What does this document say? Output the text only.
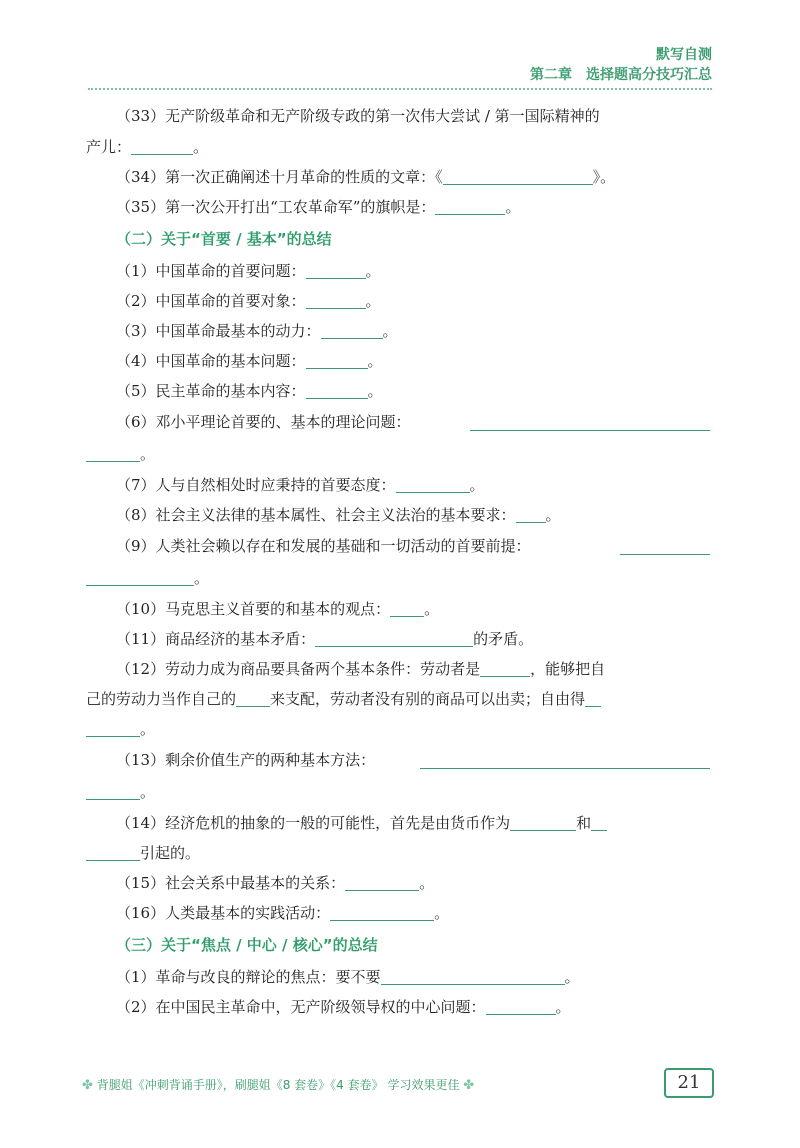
默写自测
第二章　选择题高分技巧汇总
（33）无产阶级革命和无产阶级专政的第一次伟大尝试 / 第一国际精神的
产儿：	。
（34）第一次正确阐述十月革命的性质的文章：《	》。
（35）第一次公开打出“工农革命军”的旗帜是：	。
（二）关于“首要 / 基本”的总结
（1）中国革命的首要问题：	。
（2）中国革命的首要对象：	。
（3）中国革命最基本的动力：	。
（4）中国革命的基本问题：	。
（5）民主革命的基本内容：	。
（6）邓小平理论首要的、基本的理论问题：
。
（7）人与自然相处时应秉持的首要态度：	。
（8）社会主义法律的基本属性、社会主义法治的基本要求： 。
（9）人类社会赖以存在和发展的基础和一切活动的首要前提：
。
（10）马克思主义首要的和基本的观点： 。
（11）商品经济的基本矛盾：	的矛盾。
（12）劳动力成为商品要具备两个基本条件：劳动者是	，能够把自
己的劳动力当作自己的 来支配，劳动者没有别的商品可以出卖；自由得
。
（13）剩余价值生产的两种基本方法：
。
（14）经济危机的抽象的一般的可能性，首先是由货币作为	和
引起的。
（15）社会关系中最基本的关系：	。
（16）人类最基本的实践活动：	。
（三）关于“焦点 / 中心 / 核心”的总结
（1）革命与改良的辩论的焦点：要不要	。
（2）在中国民主革命中，无产阶级领导权的中心问题：	。
✤ 背腿姐《冲刺背诵手册》，刷腿姐《8 套卷》《4 套卷》 学习效果更佳 ✤	21
